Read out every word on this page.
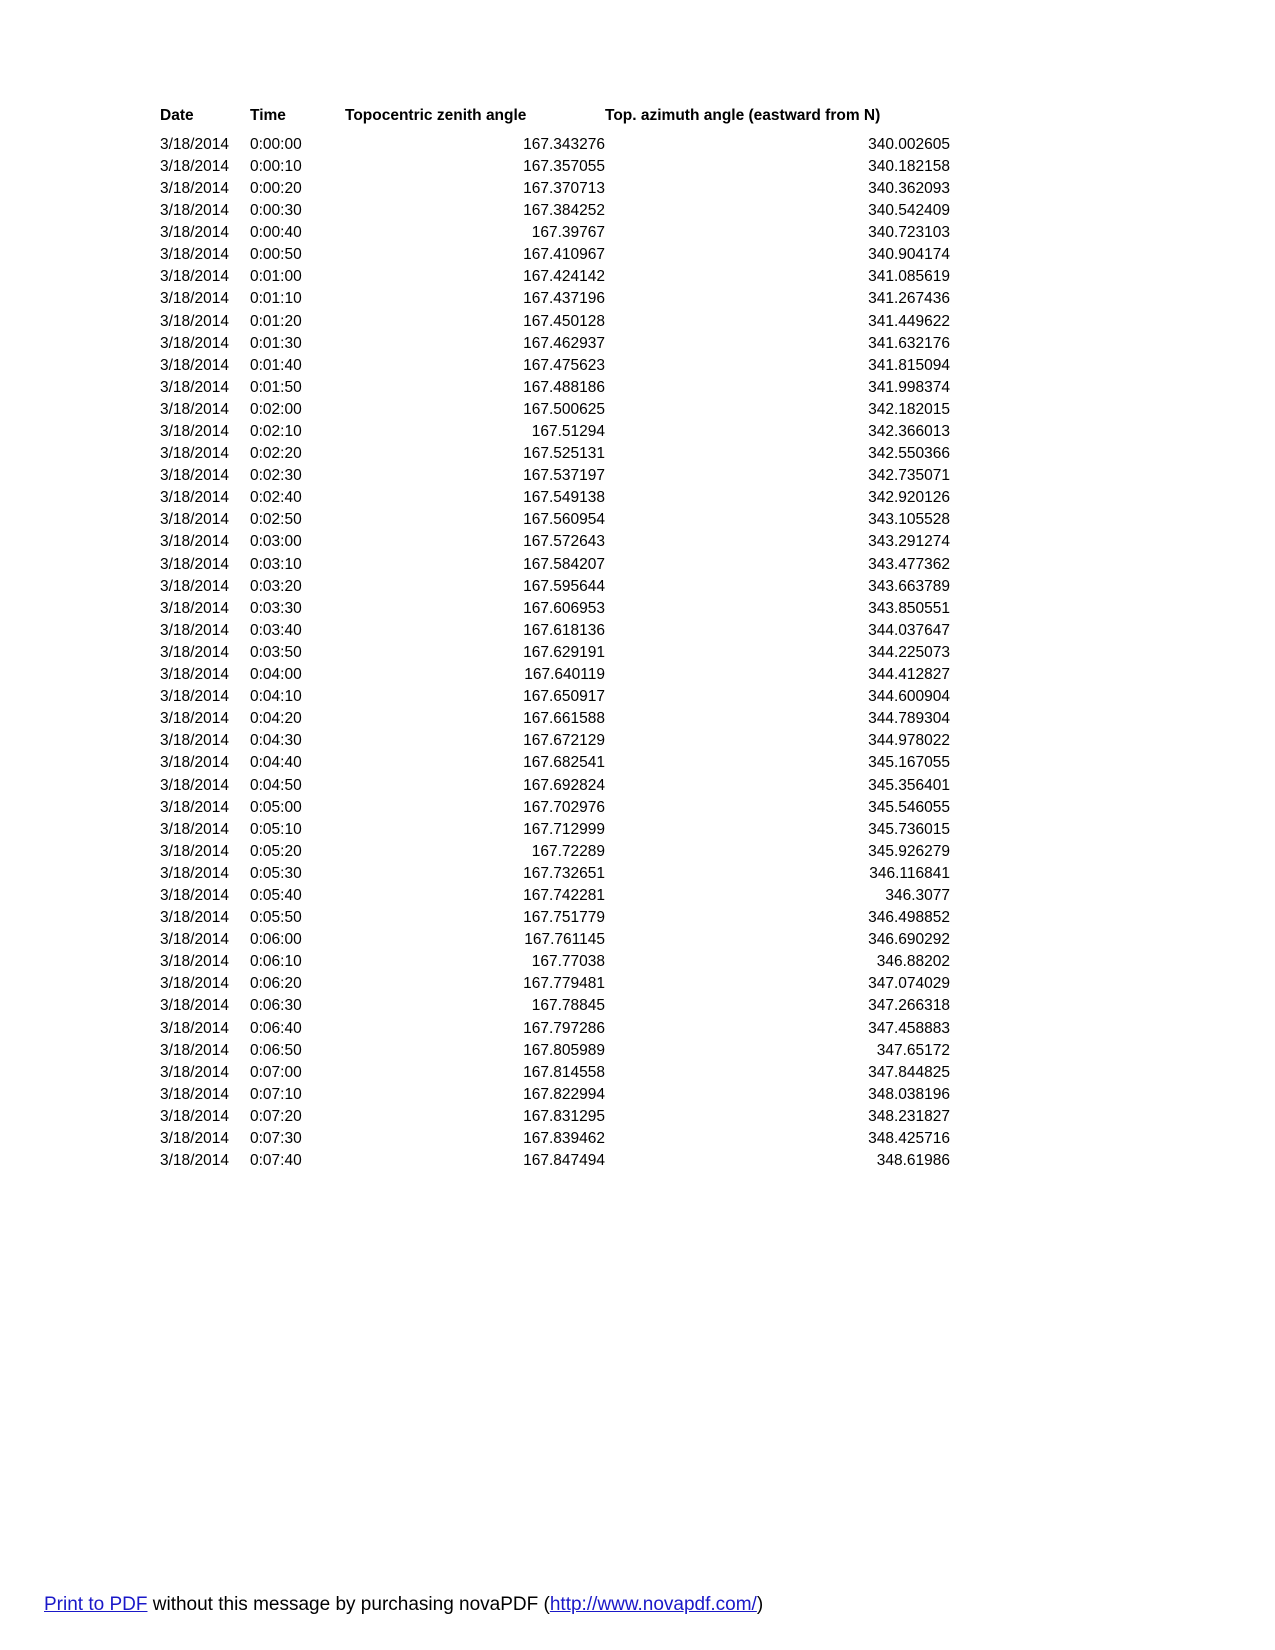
Date	Time	Topocentric zenith angle	Top. azimuth angle (eastward from N)
3/18/2014	0:00:00	167.343276	340.002605
3/18/2014	0:00:10	167.357055	340.182158
3/18/2014	0:00:20	167.370713	340.362093
3/18/2014	0:00:30	167.384252	340.542409
3/18/2014	0:00:40	167.39767	340.723103
3/18/2014	0:00:50	167.410967	340.904174
3/18/2014	0:01:00	167.424142	341.085619
3/18/2014	0:01:10	167.437196	341.267436
3/18/2014	0:01:20	167.450128	341.449622
3/18/2014	0:01:30	167.462937	341.632176
3/18/2014	0:01:40	167.475623	341.815094
3/18/2014	0:01:50	167.488186	341.998374
3/18/2014	0:02:00	167.500625	342.182015
3/18/2014	0:02:10	167.51294	342.366013
3/18/2014	0:02:20	167.525131	342.550366
3/18/2014	0:02:30	167.537197	342.735071
3/18/2014	0:02:40	167.549138	342.920126
3/18/2014	0:02:50	167.560954	343.105528
3/18/2014	0:03:00	167.572643	343.291274
3/18/2014	0:03:10	167.584207	343.477362
3/18/2014	0:03:20	167.595644	343.663789
3/18/2014	0:03:30	167.606953	343.850551
3/18/2014	0:03:40	167.618136	344.037647
3/18/2014	0:03:50	167.629191	344.225073
3/18/2014	0:04:00	167.640119	344.412827
3/18/2014	0:04:10	167.650917	344.600904
3/18/2014	0:04:20	167.661588	344.789304
3/18/2014	0:04:30	167.672129	344.978022
3/18/2014	0:04:40	167.682541	345.167055
3/18/2014	0:04:50	167.692824	345.356401
3/18/2014	0:05:00	167.702976	345.546055
3/18/2014	0:05:10	167.712999	345.736015
3/18/2014	0:05:20	167.72289	345.926279
3/18/2014	0:05:30	167.732651	346.116841
3/18/2014	0:05:40	167.742281	346.3077
3/18/2014	0:05:50	167.751779	346.498852
3/18/2014	0:06:00	167.761145	346.690292
3/18/2014	0:06:10	167.77038	346.88202
3/18/2014	0:06:20	167.779481	347.074029
3/18/2014	0:06:30	167.78845	347.266318
3/18/2014	0:06:40	167.797286	347.458883
3/18/2014	0:06:50	167.805989	347.65172
3/18/2014	0:07:00	167.814558	347.844825
3/18/2014	0:07:10	167.822994	348.038196
3/18/2014	0:07:20	167.831295	348.231827
3/18/2014	0:07:30	167.839462	348.425716
3/18/2014	0:07:40	167.847494	348.61986
Print to PDF without this message by purchasing novaPDF (http://www.novapdf.com/)
